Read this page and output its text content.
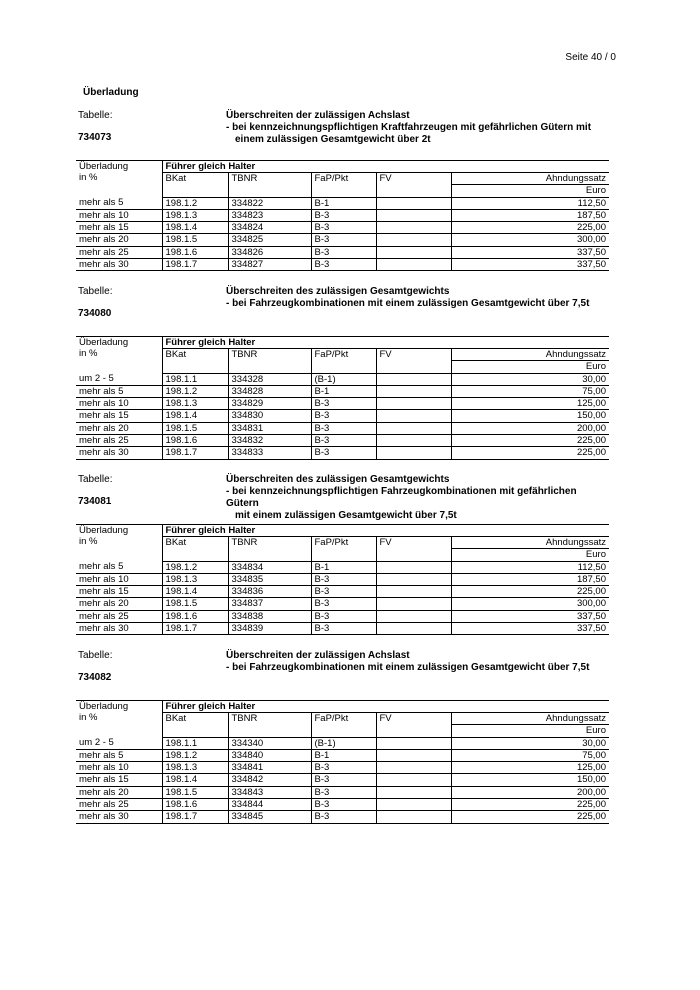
Seite 40 / 0
Überladung
Tabelle:
734073
Überschreiten der zulässigen Achslast
- bei kennzeichnungspflichtigen Kraftfahrzeugen mit gefährlichen Gütern mit
einem zulässigen Gesamtgewicht über 2t
Überladung
in %	Führer gleich Halter				
	BKat	TBNR	FaP/Pkt	FV	Ahndungssatz
					Euro
mehr als 5	198.1.2	334822	B-1		112,50
mehr als 10	198.1.3	334823	B-3		187,50
mehr als 15	198.1.4	334824	B-3		225,00
mehr als 20	198.1.5	334825	B-3		300,00
mehr als 25	198.1.6	334826	B-3		337,50
mehr als 30	198.1.7	334827	B-3		337,50
Tabelle:
734080
Überschreiten des zulässigen Gesamtgewichts
- bei Fahrzeugkombinationen mit einem zulässigen Gesamtgewicht über 7,5t
Überladung
in %	Führer gleich Halter				
	BKat	TBNR	FaP/Pkt	FV	Ahndungssatz
					Euro
um 2 - 5	198.1.1	334328	(B-1)		30,00
mehr als 5	198.1.2	334828	B-1		75,00
mehr als 10	198.1.3	334829	B-3		125,00
mehr als 15	198.1.4	334830	B-3		150,00
mehr als 20	198.1.5	334831	B-3		200,00
mehr als 25	198.1.6	334832	B-3		225,00
mehr als 30	198.1.7	334833	B-3		225,00
Tabelle:
734081
Überschreiten des zulässigen Gesamtgewichts
- bei kennzeichnungspflichtigen Fahrzeugkombinationen mit gefährlichen Gütern
mit einem zulässigen Gesamtgewicht über 7,5t
Überladung
in %	Führer gleich Halter				
	BKat	TBNR	FaP/Pkt	FV	Ahndungssatz
					Euro
mehr als 5	198.1.2	334834	B-1		112,50
mehr als 10	198.1.3	334835	B-3		187,50
mehr als 15	198.1.4	334836	B-3		225,00
mehr als 20	198.1.5	334837	B-3		300,00
mehr als 25	198.1.6	334838	B-3		337,50
mehr als 30	198.1.7	334839	B-3		337,50
Tabelle:
734082
Überschreiten der zulässigen Achslast
- bei Fahrzeugkombinationen mit einem zulässigen Gesamtgewicht über 7,5t
Überladung
in %	Führer gleich Halter				
	BKat	TBNR	FaP/Pkt	FV	Ahndungssatz
					Euro
um 2 - 5	198.1.1	334340	(B-1)		30,00
mehr als 5	198.1.2	334840	B-1		75,00
mehr als 10	198.1.3	334841	B-3		125,00
mehr als 15	198.1.4	334842	B-3		150,00
mehr als 20	198.1.5	334843	B-3		200,00
mehr als 25	198.1.6	334844	B-3		225,00
mehr als 30	198.1.7	334845	B-3		225,00
